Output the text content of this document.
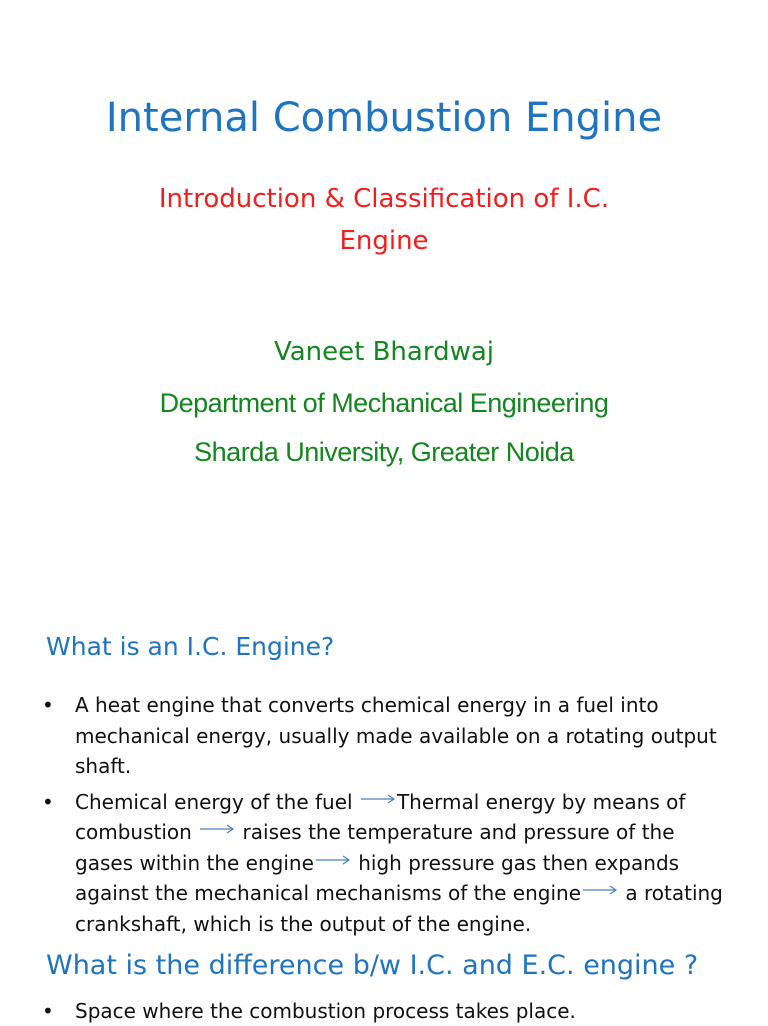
Internal Combustion Engine
Introduction & Classification of I.C.
Engine
Vaneet Bhardwaj
Department of Mechanical Engineering
Sharda University, Greater Noida
What is an I.C. Engine?
•	A heat engine that converts chemical energy in a fuel into mechanical energy, usually made available on a rotating output shaft.
•	Chemical energy of the fuel Thermal energy by means of combustion  raises the temperature and pressure of the gases within the engine high pressure gas then expands against the mechanical mechanisms of the engine a rotating crankshaft, which is the output of the engine.
What is the difference b/w I.C. and E.C. engine ?
•	Space where the combustion process takes place.
